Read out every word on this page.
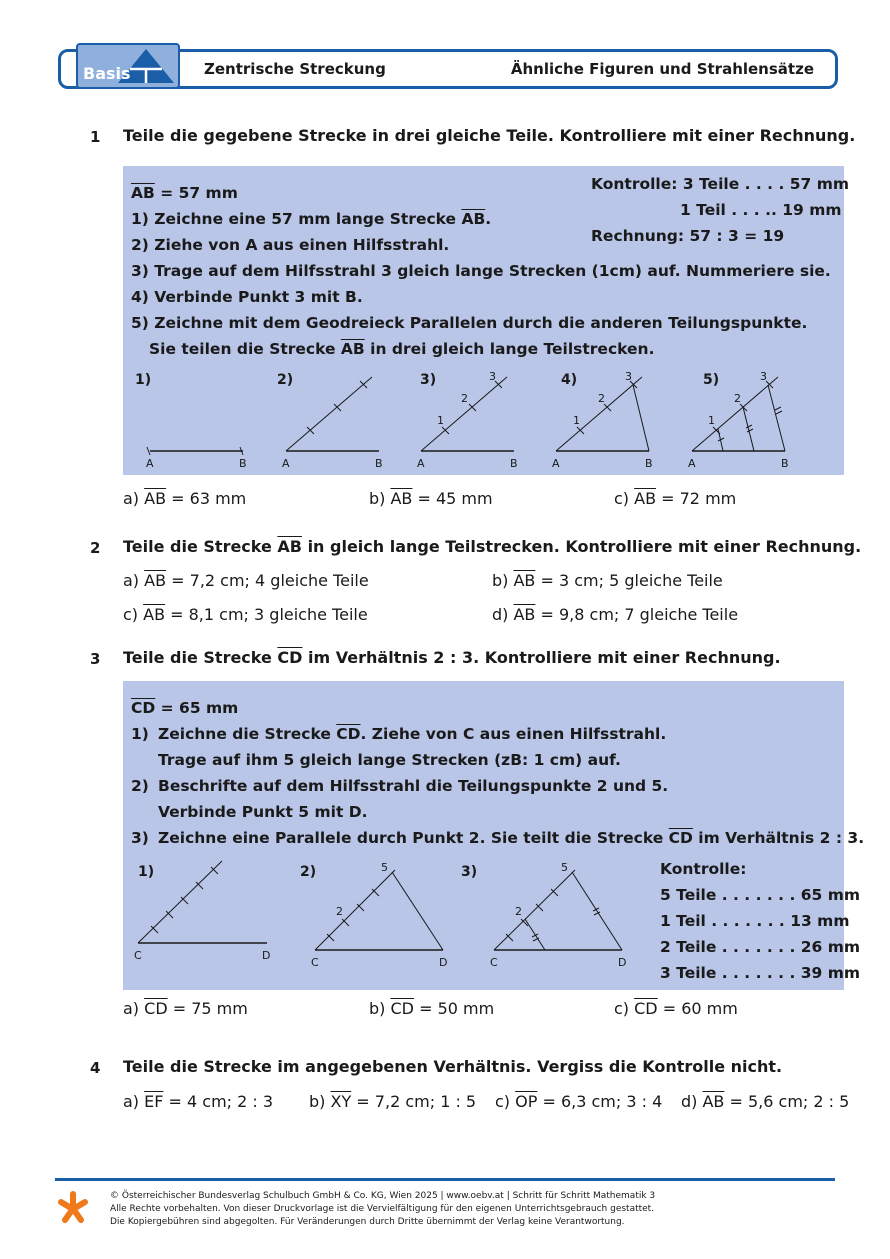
Basis	Zentrische Streckung	Ähnliche Figuren und Strahlensätze
1 Teile die gegebene Strecke in drei gleiche Teile. Kontrolliere mit einer Rechnung.
$\overline{AB} = 57$ mm
1) Zeichne eine 57 mm lange Strecke $\overline{AB}$.
2) Ziehe von A aus einen Hilfsstrahl.
3) Trage auf dem Hilfsstrahl 3 gleich lange Strecken (1cm) auf. Nummeriere sie.
4) Verbinde Punkt 3 mit B.
5) Zeichne mit dem Geodreieck Parallelen durch die anderen Teilungspunkte.
Sie teilen die Strecke $\overline{AB}$ in drei gleich lange Teilstrecken.
Kontrolle: 3 Teile . . . . 57 mm
1 Teil . . . .. 19 mm
Rechnung: 57 : 3 = 19
1)	2)	3)	4)	5)
A	B	A	B	A	B	A	B	A	B
1
2
3
1
2
3
1
2
3
a) $\overline{AB} = 63$ mm	b) $\overline{AB} = 45$ mm	c) $\overline{AB} = 72$ mm
2 Teile die Strecke $\overline{AB}$ in gleich lange Teilstrecken. Kontrolliere mit einer Rechnung.
a) $\overline{AB} = 7,2$ cm; 4 gleiche Teile	b) $\overline{AB} = 3$ cm; 5 gleiche Teile
c) $\overline{AB} = 8,1$ cm; 3 gleiche Teile	d) $\overline{AB} = 9,8$ cm; 7 gleiche Teile
3 Teile die Strecke $\overline{CD}$ im Verhältnis 2 : 3. Kontrolliere mit einer Rechnung.
$\overline{CD} = 65$ mm
1) Zeichne die Strecke $\overline{CD}$. Ziehe von C aus einen Hilfsstrahl.
Trage auf ihm 5 gleich lange Strecken (zB: 1 cm) auf.
2) Beschrifte auf dem Hilfsstrahl die Teilungspunkte 2 und 5.
Verbinde Punkt 5 mit D.
3) Zeichne eine Parallele durch Punkt 2. Sie teilt die Strecke $\overline{CD}$ im Verhältnis 2 : 3.
1)	2)	3)
C	D
C	D
2
5
C	D
2
5	Kontrolle:
5 Teile . . . . . . . 65 mm
1 Teil . . . . . . . 13 mm
2 Teile . . . . . . . 26 mm
3 Teile . . . . . . . 39 mm
a) $\overline{CD} = 75$ mm	b) $\overline{CD} = 50$ mm	c) $\overline{CD} = 60$ mm
4 Teile die Strecke im angegebenen Verhältnis. Vergiss die Kontrolle nicht.
a) $\overline{EF} = 4$ cm; 2 : 3 b) $\overline{XY} = 7,2$ cm; 1 : 5 c) $\overline{OP} = 6,3$ cm; 3 : 4 d) $\overline{AB} = 5,6$ cm; 2 : 5
© Österreichischer Bundesverlag Schulbuch GmbH & Co. KG, Wien 2025 | www.oebv.at | Schritt für Schritt Mathematik 3
Alle Rechte vorbehalten. Von dieser Druckvorlage ist die Vervielfältigung für den eigenen Unterrichtsgebrauch gestattet.
Die Kopiergebühren sind abgegolten. Für Veränderungen durch Dritte übernimmt der Verlag keine Verantwortung.
